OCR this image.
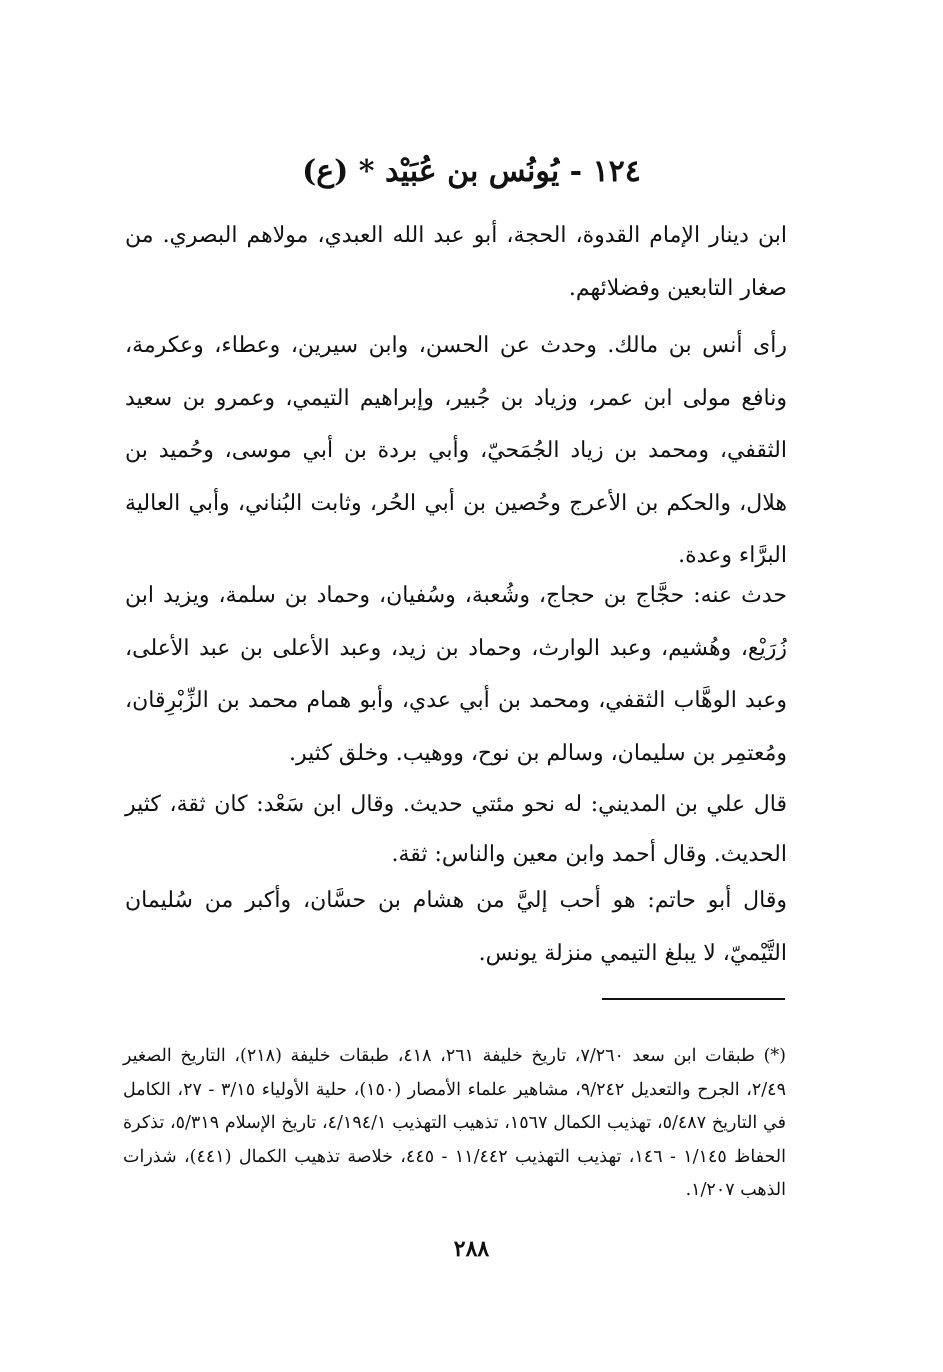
١٢٤ - يُونُس بن عُبَيْد * (ع)
ابن دينار الإمام القدوة، الحجة، أبو عبد الله العبدي، مولاهم البصري. من صغار التابعين وفضلائهم.
رأى أنس بن مالك. وحدث عن الحسن، وابن سيرين، وعطاء، وعكرمة، ونافع مولى ابن عمر، وزياد بن جُبير، وإبراهيم التيمي، وعمرو بن سعيد الثقفي، ومحمد بن زياد الجُمَحيّ، وأبي بردة بن أبي موسى، وحُميد بن هلال، والحكم بن الأعرج وحُصين بن أبي الحُر، وثابت البُناني، وأبي العالية البرَّاء وعدة.
حدث عنه: حجَّاج بن حجاج، وشُعبة، وسُفيان، وحماد بن سلمة، ويزيد ابن زُرَيْع، وهُشيم، وعبد الوارث، وحماد بن زيد، وعبد الأعلى بن عبد الأعلى، وعبد الوهَّاب الثقفي، ومحمد بن أبي عدي، وأبو همام محمد بن الزِّبْرِقان، ومُعتمِر بن سليمان، وسالم بن نوح، ووهيب. وخلق كثير.
قال علي بن المديني: له نحو مئتي حديث. وقال ابن سَعْد: كان ثقة، كثير الحديث. وقال أحمد وابن معين والناس: ثقة.
وقال أبو حاتم: هو أحب إليَّ من هشام بن حسَّان، وأكبر من سُليمان التَّيْميّ، لا يبلغ التيمي منزلة يونس.
(*) طبقات ابن سعد ٧/٢٦٠، تاريخ خليفة ٢٦١، ٤١٨، طبقات خليفة (٢١٨)، التاريخ الصغير ٢/٤٩، الجرح والتعديل ٩/٢٤٢، مشاهير علماء الأمصار (١٥٠)، حلية الأولياء ٣/١٥ - ٢٧، الكامل في التاريخ ٥/٤٨٧، تهذيب الكمال ١٥٦٧، تذهيب التهذيب ٤/١٩٤/١، تاريخ الإسلام ٥/٣١٩، تذكرة الحفاظ ١/١٤٥ - ١٤٦، تهذيب التهذيب ١١/٤٤٢ - ٤٤٥، خلاصة تذهيب الكمال (٤٤١)، شذرات الذهب ١/٢٠٧.
٢٨٨
